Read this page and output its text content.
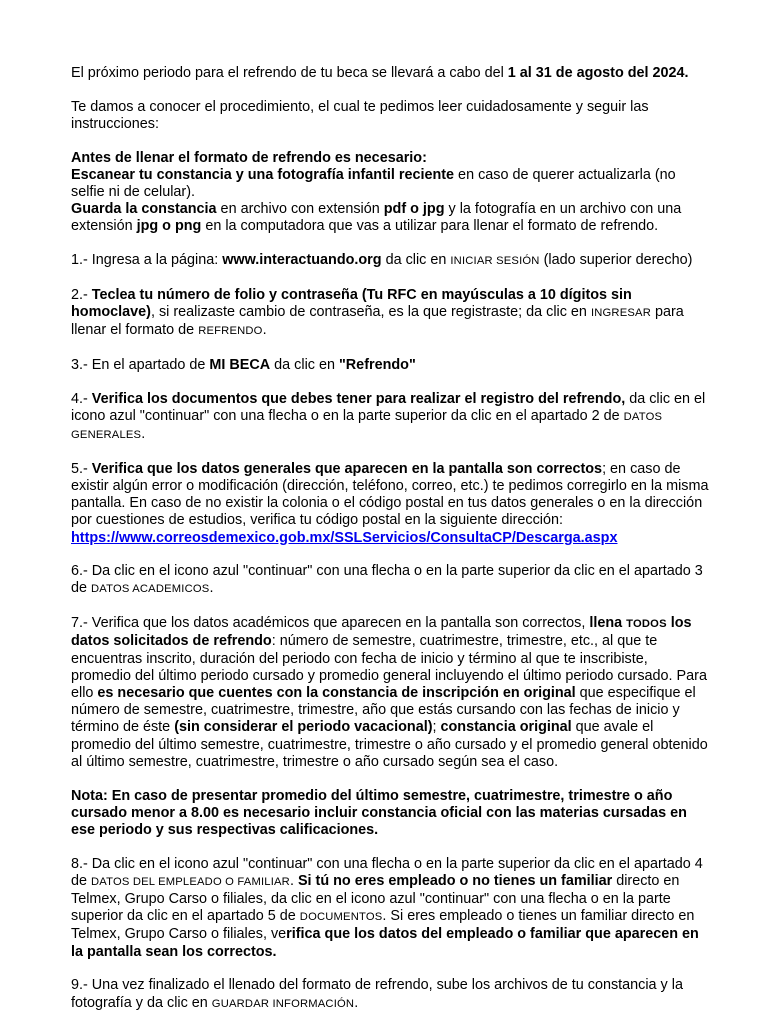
El próximo periodo para el refrendo de tu beca se llevará a cabo del 1 al 31 de agosto del 2024.

Te damos a conocer el procedimiento, el cual te pedimos leer cuidadosamente y seguir las instrucciones:

Antes de llenar el formato de refrendo es necesario:
Escanear tu constancia y una fotografía infantil reciente en caso de querer actualizarla (no selfie ni de celular).
Guarda la constancia en archivo con extensión pdf o jpg y la fotografía en un archivo con una extensión jpg o png en la computadora que vas a utilizar para llenar el formato de refrendo.

1.- Ingresa a la página: www.interactuando.org da clic en INICIAR SESIÓN (lado superior derecho)

2.- Teclea tu número de folio y contraseña (Tu RFC en mayúsculas a 10 dígitos sin homoclave), si realizaste cambio de contraseña, es la que registraste; da clic en INGRESAR para llenar el formato de REFRENDO.

3.- En el apartado de MI BECA da clic en "Refrendo"

4.- Verifica los documentos que debes tener para realizar el registro del refrendo, da clic en el icono azul "continuar" con una flecha o en la parte superior da clic en el apartado 2 de DATOS GENERALES.

5.- Verifica que los datos generales que aparecen en la pantalla son correctos; en caso de existir algún error o modificación (dirección, teléfono, correo, etc.) te pedimos corregirlo en la misma pantalla. En caso de no existir la colonia o el código postal en tus datos generales o en la dirección por cuestiones de estudios, verifica tu código postal en la siguiente dirección:
https://www.correosdemexico.gob.mx/SSLServicios/ConsultaCP/Descarga.aspx

6.- Da clic en el icono azul "continuar" con una flecha o en la parte superior da clic en el apartado 3 de DATOS ACADEMICOS.

7.- Verifica que los datos académicos que aparecen en la pantalla son correctos, llena TODOS los datos solicitados de refrendo: número de semestre, cuatrimestre, trimestre, etc., al que te encuentras inscrito, duración del periodo con fecha de inicio y término al que te inscribiste, promedio del último periodo cursado y promedio general incluyendo el último periodo cursado. Para ello es necesario que cuentes con la constancia de inscripción en original que especifique el número de semestre, cuatrimestre, trimestre, año que estás cursando con las fechas de inicio y término de éste (sin considerar el periodo vacacional); constancia original que avale el promedio del último semestre, cuatrimestre, trimestre o año cursado y el promedio general obtenido al último semestre, cuatrimestre, trimestre o año cursado según sea el caso.

Nota: En caso de presentar promedio del último semestre, cuatrimestre, trimestre o año cursado menor a 8.00 es necesario incluir constancia oficial con las materias cursadas en ese periodo y sus respectivas calificaciones.

8.- Da clic en el icono azul "continuar" con una flecha o en la parte superior da clic en el apartado 4 de DATOS DEL EMPLEADO O FAMILIAR. Si tú no eres empleado o no tienes un familiar directo en Telmex, Grupo Carso o filiales, da clic en el icono azul "continuar" con una flecha o en la parte superior da clic en el apartado 5 de DOCUMENTOS. Si eres empleado o tienes un familiar directo en Telmex, Grupo Carso o filiales, verifica que los datos del empleado o familiar que aparecen en la pantalla sean los correctos.

9.- Una vez finalizado el llenado del formato de refrendo, sube los archivos de tu constancia y la fotografía y da clic en GUARDAR INFORMACIÓN.
